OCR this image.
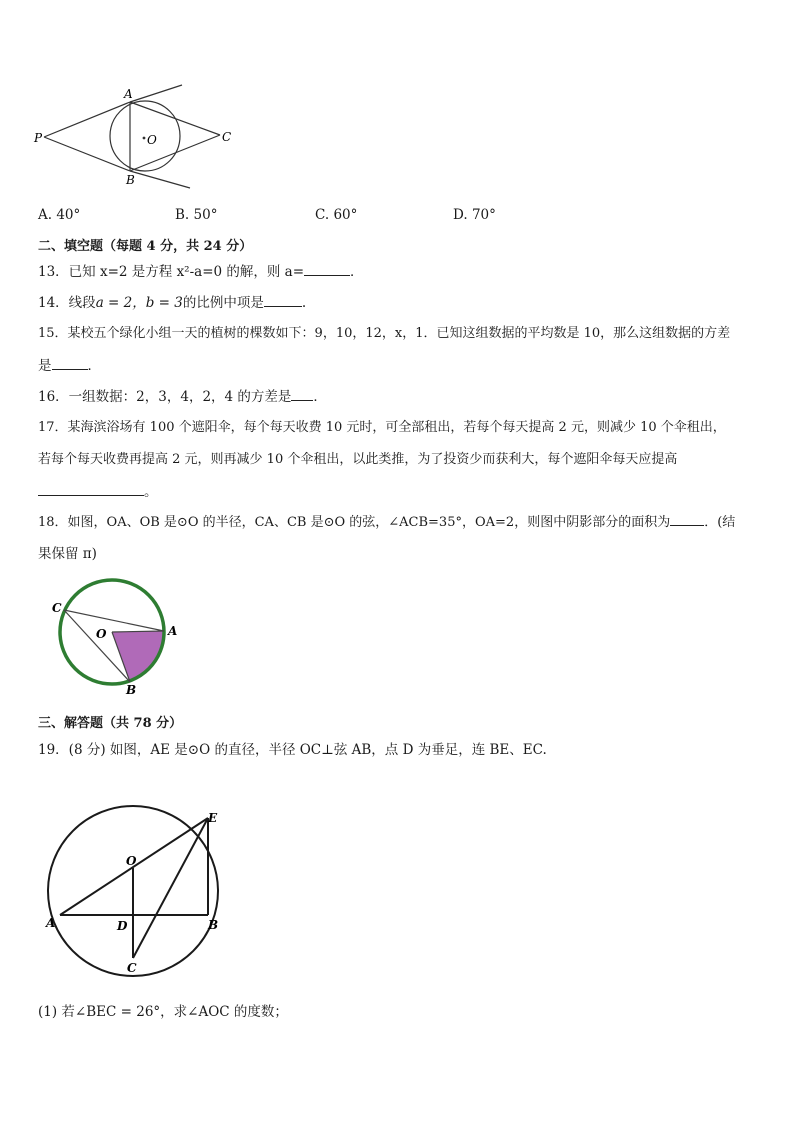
A
B
C
P	O
A. 40°	B. 50°	C. 60°	D. 70°
二、填空题（每题 4 分，共 24 分）
13．已知 x=2 是方程 x²-a=0 的解，则 a=	．
14．线段a = 2，b = 3的比例中项是	.
15．某校五个绿化小组一天的植树的棵数如下：9，10，12，x，1．已知这组数据的平均数是 10，那么这组数据的方差
是	．
16．一组数据：2，3，4，2，4 的方差是 ．
17．某海滨浴场有 100 个遮阳伞，每个每天收费 10 元时，可全部租出，若每个每天提高 2 元，则减少 10 个伞租出，
若每个每天收费再提高 2 元，则再减少 10 个伞租出，以此类推，为了投资少而获利大，每个遮阳伞每天应提高
。
18．如图，OA、OB 是⊙O 的半径，CA、CB 是⊙O 的弦，∠ACB=35°，OA=2，则图中阴影部分的面积为	．(结
果保留 π)
C
O	A
B
三、解答题（共 78 分）
19．(8 分) 如图，AE 是⊙O 的直径，半径 OC⊥弦 AB，点 D 为垂足，连 BE、EC.
E
O
A	D	B
C
(1) 若∠BEC = 26°，求∠AOC 的度数；
